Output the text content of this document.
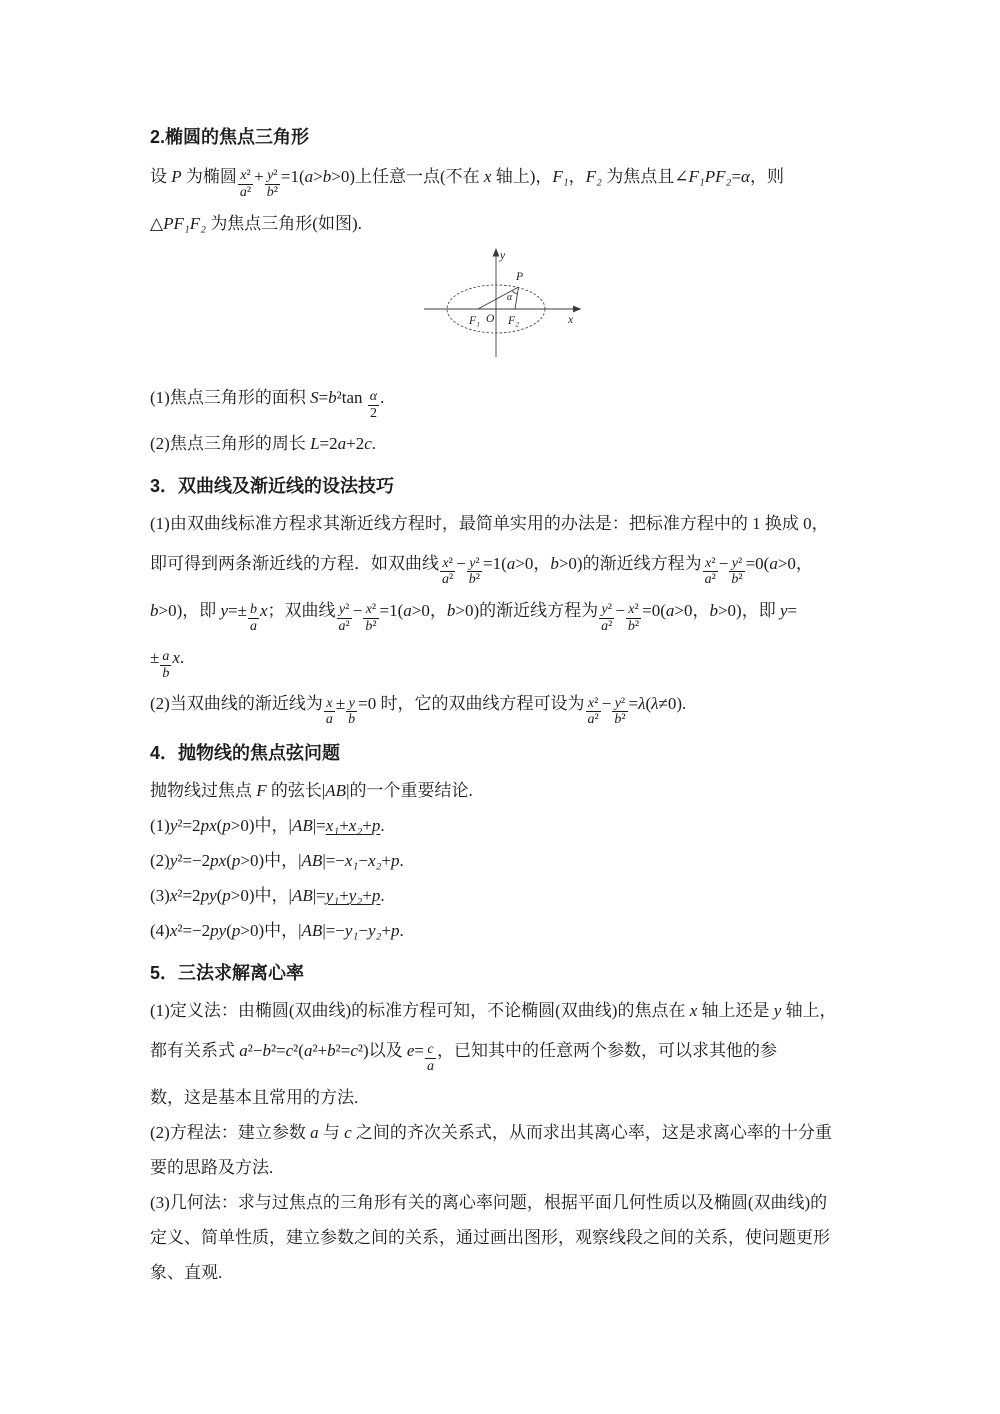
2.椭圆的焦点三角形
设 P 为椭圆 $\frac{\text{x²}}{\text{a²}} + \frac{\text{y²}}{\text{b²}} =1(a>b>0)$上任意一点(不在 x 轴上)，F₁，F₂ 为焦点且∠F₁PF₂=α，则
△PF₁F₂ 为焦点三角形(如图).
y
x
P
α
F₁ O F₂
(1)焦点三角形的面积 $S=b^2\tan \frac{\alpha}{2}$ .
(2)焦点三角形的周长 L=2a+2c.
3．双曲线及渐近线的设法技巧
(1)由双曲线标准方程求其渐近线方程时，最简单实用的办法是：把标准方程中的 1 换成 0，
即可得到两条渐近线的方程．如双曲线 $\frac{\text{x²}}{\text{a²}} - \frac{\text{y²}}{\text{b²}} =1(a>0$，b>0)的渐近线方程为 $\frac{\text{x²}}{\text{a²}} - \frac{\text{y²}}{\text{b²}} =0(a>0$，
b>0)，即 $y=\pm \frac{b}{a}$ x；双曲线 $\frac{\text{y²}}{\text{a²}} - \frac{\text{x²}}{\text{b²}} =1(a>0$，b>0)的渐近线方程为 $\frac{\text{y²}}{\text{a²}} - \frac{\text{x²}}{\text{b²}} =0(a>0$，b>0)，即 y=
± $\frac{a}{b} x$.
(2)当双曲线的渐近线为 $\frac{x}{a} \pm \frac{y}{b} =0$ 时，它的双曲线方程可设为 $\frac{\text{x²}}{\text{a²}} - \frac{\text{y²}}{\text{b²}} =\lambda(\lambda\ne 0)$.
4．抛物线的焦点弦问题
抛物线过焦点 F 的弦长|AB|的一个重要结论.
(1)y²=2px(p>0)中，|AB|=x₁+x₂+p.
(2)y²=−2px(p>0)中，|AB|=−x₁−x₂+p.
(3)x²=2py(p>0)中，|AB|=y₁+y₂+p.
(4)x²=−2py(p>0)中，|AB|=−y₁−y₂+p.
5．三法求解离心率
(1)定义法：由椭圆(双曲线)的标准方程可知，不论椭圆(双曲线)的焦点在 x 轴上还是 y 轴上，
都有关系式 a²−b²=c²(a²+b²=c²)以及 $e= \frac{c}{a}$ ，已知其中的任意两个参数，可以求其他的参
数，这是基本且常用的方法.
(2)方程法：建立参数 a 与 c 之间的齐次关系式，从而求出其离心率，这是求离心率的十分重
要的思路及方法.
(3)几何法：求与过焦点的三角形有关的离心率问题，根据平面几何性质以及椭圆(双曲线)的
定义、简单性质，建立参数之间的关系，通过画出图形，观察线段之间的关系，使问题更形
象、直观.
